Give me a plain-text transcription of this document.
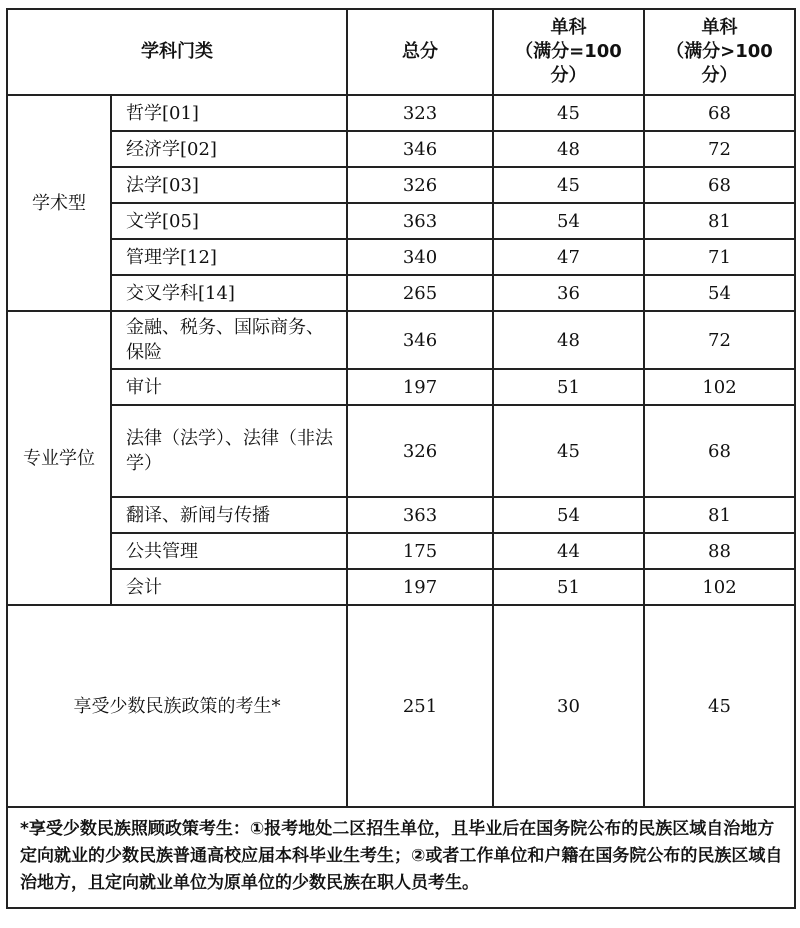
学科门类		总分	单科
（满分=100
分）	单科
（满分>100
分）
学术型	哲学[01]	323	45	68
	经济学[02]	346	48	72
	法学[03]	326	45	68
	文学[05]	363	54	81
	管理学[12]	340	47	71
	交叉学科[14]	265	36	54
专业学位	金融、税务、国际商务、保险	346	48	72
	审计	197	51	102
	法律（法学）、法律（非法学）	326	45	68
	翻译、新闻与传播	363	54	81
	公共管理	175	44	88
	会计	197	51	102
享受少数民族政策的考生*		251	30	45
*享受少数民族照顾政策考生：①报考地处二区招生单位，且毕业后在国务院公布的民族区域自治地方定向就业的少数民族普通高校应届本科毕业生考生；②或者工作单位和户籍在国务院公布的民族区域自治地方，且定向就业单位为原单位的少数民族在职人员考生。				
